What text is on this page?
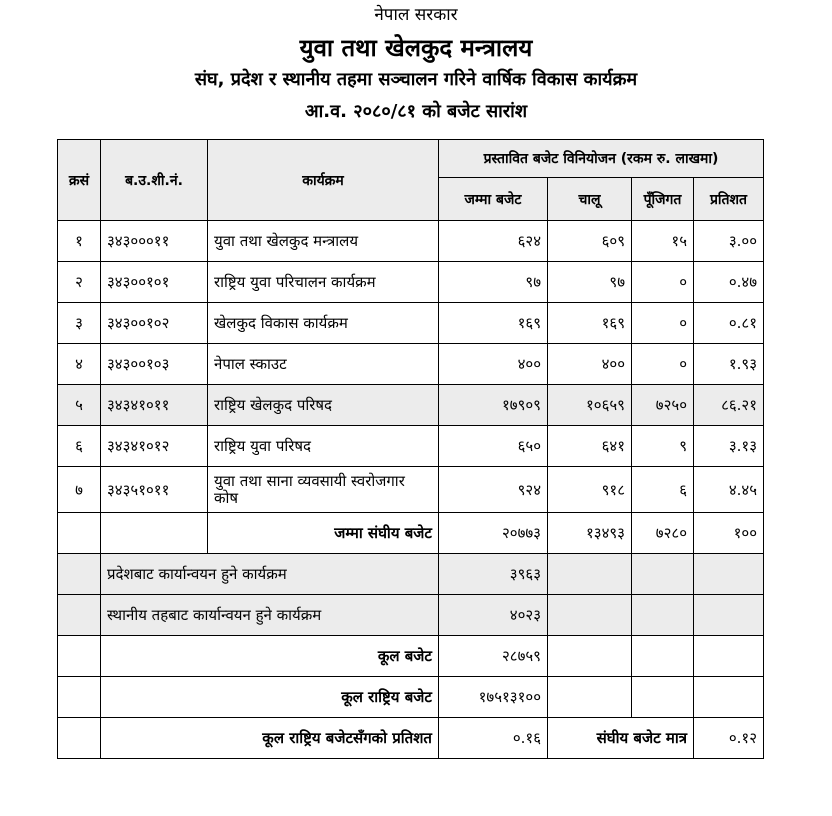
नेपाल सरकार
युवा तथा खेलकुद मन्त्रालय
संघ, प्रदेश र स्थानीय तहमा सञ्चालन गरिने वार्षिक विकास कार्यक्रम
आ.व. २०८०/८१ को बजेट सारांश
क्रसं	ब.उ.शी.नं.	कार्यक्रम	प्रस्तावित बजेट विनियोजन (रकम रु. लाखमा)			
			जम्मा बजेट	चालू	पूँजिगत	प्रतिशत
१	३४३०००११	युवा तथा खेलकुद मन्त्रालय	६२४	६०९	१५	३.००
२	३४३००१०१	राष्ट्रिय युवा परिचालन कार्यक्रम	९७	९७	०	०.४७
३	३४३००१०२	खेलकुद विकास कार्यक्रम	१६९	१६९	०	०.८१
४	३४३००१०३	नेपाल स्काउट	४००	४००	०	१.९३
५	३४३४१०११	राष्ट्रिय खेलकुद परिषद	१७९०९	१०६५९	७२५०	८६.२१
६	३४३४१०१२	राष्ट्रिय युवा परिषद	६५०	६४१	९	३.१३
७	३४३५१०११	युवा तथा साना व्यवसायी स्वरोजगार कोष	९२४	९१८	६	४.४५
		जम्मा संघीय बजेट	२०७७३	१३४९३	७२८०	१००
	प्रदेशबाट कार्यान्वयन हुने कार्यक्रम		३९६३			
	स्थानीय तहबाट कार्यान्वयन हुने कार्यक्रम		४०२३			
	कूल बजेट		२८७५९			
	कूल राष्ट्रिय बजेट		१७५१३१००			
	कूल राष्ट्रिय बजेटसँगको प्रतिशत		०.१६	संघीय बजेट मात्र		०.१२
